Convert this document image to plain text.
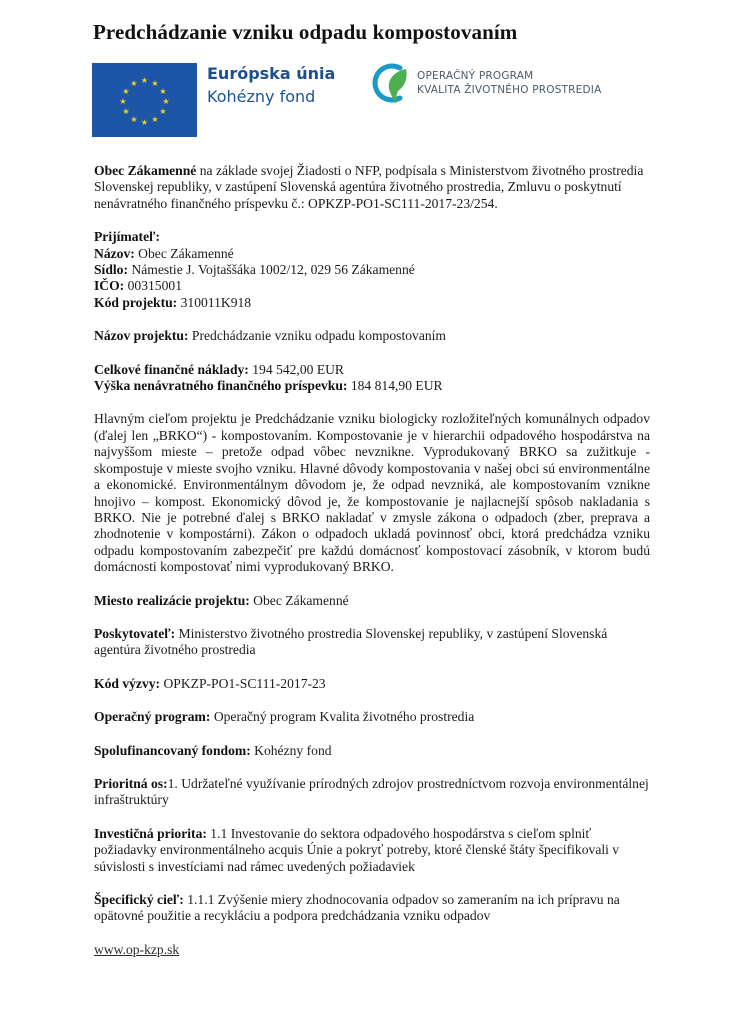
Predchádzanie vzniku odpadu kompostovaním
★ ★
★
★
★
★
★
★
★
★
★
★
Európska únia
Kohézny fond
OPERAČNÝ PROGRAM
KVALITA ŽIVOTNÉHO PROSTREDIA

Obec Zákamenné na základe svojej Žiadosti o NFP, podpísala s Ministerstvom životného prostredia Slovenskej republiky, v zastúpení Slovenská agentúra životného prostredia, Zmluvu o poskytnutí nenávratného finančného príspevku č.: OPKZP-PO1-SC111-2017-23/254.

Prijímateľ:

Názov: Obec Zákamenné

Sídlo: Námestie J. Vojtaššáka 1002/12, 029 56 Zákamenné

IČO: 00315001

Kód projektu: 310011K918

Názov projektu: Predchádzanie vzniku odpadu kompostovaním

Celkové finančné náklady: 194 542,00 EUR

Výška nenávratného finančného príspevku: 184 814,90 EUR

Hlavným cieľom projektu je Predchádzanie vzniku biologicky rozložiteľných komunálnych odpadov (ďalej len „BRKO“) - kompostovaním. Kompostovanie je v hierarchii odpadového hospodárstva na najvyššom mieste – pretože odpad vôbec nevznikne. Vyprodukovaný BRKO sa zužitkuje - skompostuje v mieste svojho vzniku. Hlavné dôvody kompostovania v našej obci sú environmentálne a ekonomické. Environmentálnym dôvodom je, že odpad nevzniká, ale kompostovaním vznikne hnojivo – kompost. Ekonomický dôvod je, že kompostovanie je najlacnejší spôsob nakladania s BRKO. Nie je potrebné ďalej s BRKO nakladať v zmysle zákona o odpadoch (zber, preprava a zhodnotenie v kompostárni). Zákon o odpadoch ukladá povinnosť obci, ktorá predchádza vzniku odpadu kompostovaním zabezpečiť pre každú domácnosť kompostovací zásobník, v ktorom budú domácnosti kompostovať nimi vyprodukovaný BRKO.

Miesto realizácie projektu: Obec Zákamenné

Poskytovateľ: Ministerstvo životného prostredia Slovenskej republiky, v zastúpení Slovenská agentúra životného prostredia

Kód výzvy: OPKZP-PO1-SC111-2017-23

Operačný program: Operačný program Kvalita životného prostredia

Spolufinancovaný fondom: Kohézny fond

Prioritná os:1. Udržateľné využívanie prírodných zdrojov prostredníctvom rozvoja environmentálnej infraštruktúry

Investičná priorita: 1.1 Investovanie do sektora odpadového hospodárstva s cieľom splniť požiadavky environmentálneho acquis Únie a pokryť potreby, ktoré členské štáty špecifikovali v súvislosti s investíciami nad rámec uvedených požiadaviek

Špecifický cieľ: 1.1.1 Zvýšenie miery zhodnocovania odpadov so zameraním na ich prípravu na opätovné použitie a recykláciu a podpora predchádzania vzniku odpadov

www.op-kzp.sk
